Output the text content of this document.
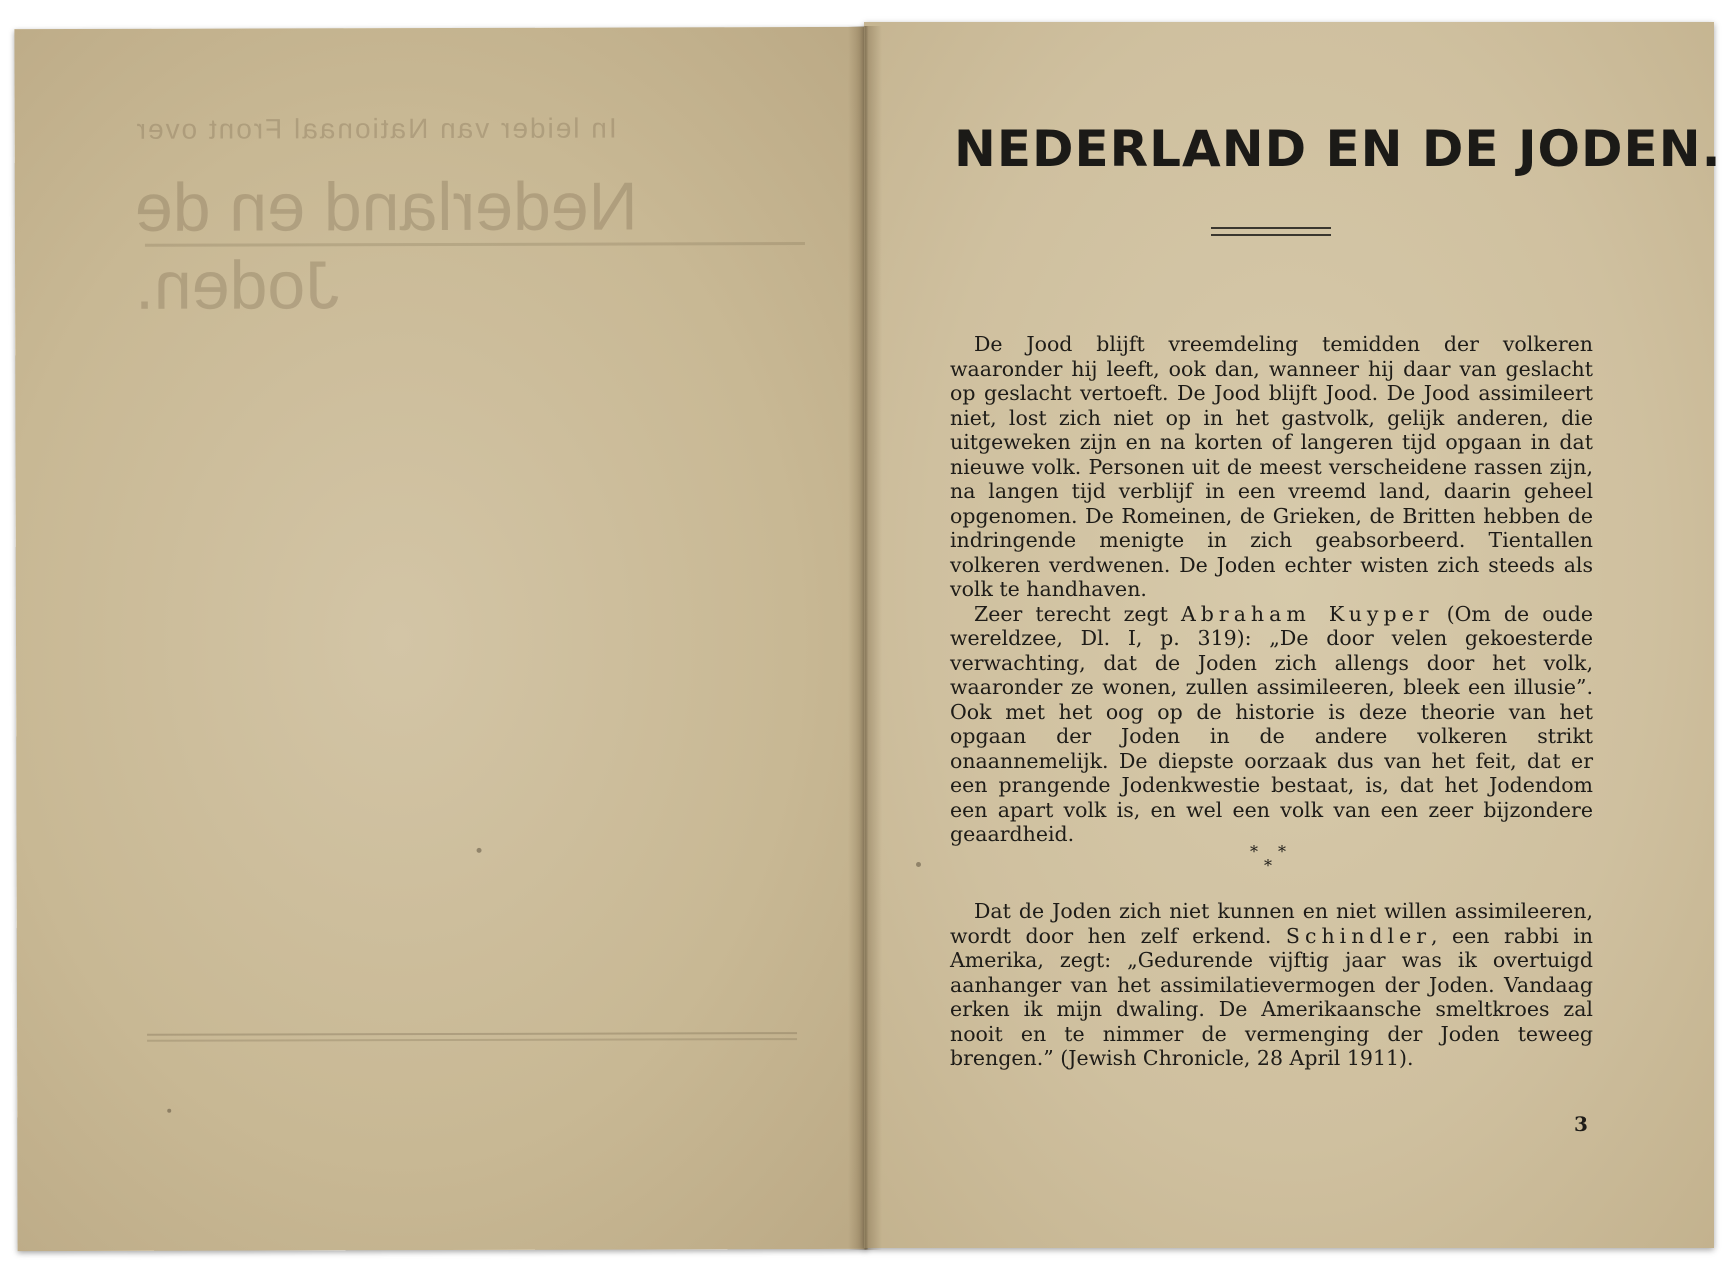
In leider van Nationaal Front over
Nederland en de Joden.
NEDERLAND EN DE JODEN.

De Jood blijft vreemdeling temidden der volkeren waaronder hij leeft, ook dan, wanneer hij daar van geslacht op geslacht vertoeft. De Jood blijft Jood. De Jood assimileert niet, lost zich niet op in het gastvolk, gelijk anderen, die uitgeweken zijn en na korten of langeren tijd opgaan in dat nieuwe volk. Personen uit de meest verscheidene rassen zijn, na langen tijd verblijf in een vreemd land, daarin geheel opgenomen. De Romeinen, de Grieken, de Britten hebben de indringende menigte in zich geabsorbeerd. Tientallen volkeren verdwenen. De Joden echter wisten zich steeds als volk te handhaven.

Zeer terecht zegt Abraham Kuyper (Om de oude wereldzee, Dl. I, p. 319): „De door velen gekoesterde verwachting, dat de Joden zich allengs door het volk, waaronder ze wonen, zullen assimileeren, bleek een illusie”. Ook met het oog op de historie is deze theorie van het opgaan der Joden in de andere volkeren strikt onaannemelijk. De diepste oorzaak dus van het feit, dat er een prangende Jodenkwestie bestaat, is, dat het Jodendom een apart volk is, en wel een volk van een zeer bijzondere geaardheid.

* *
*

Dat de Joden zich niet kunnen en niet willen assimileeren, wordt door hen zelf erkend. Schindler, een rabbi in Amerika, zegt: „Gedurende vijftig jaar was ik overtuigd aanhanger van het assimilatievermogen der Joden. Vandaag erken ik mijn dwaling. De Amerikaansche smeltkroes zal nooit en te nimmer de vermenging der Joden teweeg brengen.” (Jewish Chronicle, 28 April 1911).

3
